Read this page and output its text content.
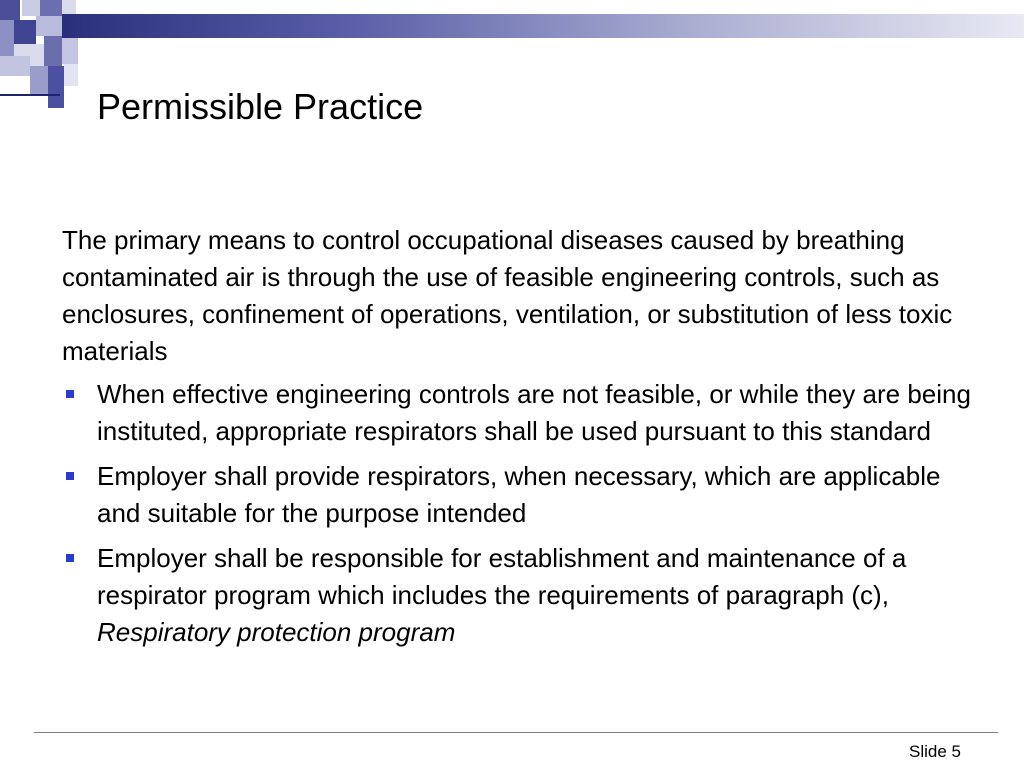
Permissible Practice

The primary means to control occupational diseases caused by breathing contaminated air is through the use of feasible engineering controls, such as enclosures, confinement of operations, ventilation, or substitution of less toxic materials

When effective engineering controls are not feasible, or while they are being instituted, appropriate respirators shall be used pursuant to this standard
Employer shall provide respirators, when necessary, which are applicable and suitable for the purpose intended
Employer shall be responsible for establishment and maintenance of a respirator program which includes the requirements of paragraph (c), Respiratory protection program
Slide 5
